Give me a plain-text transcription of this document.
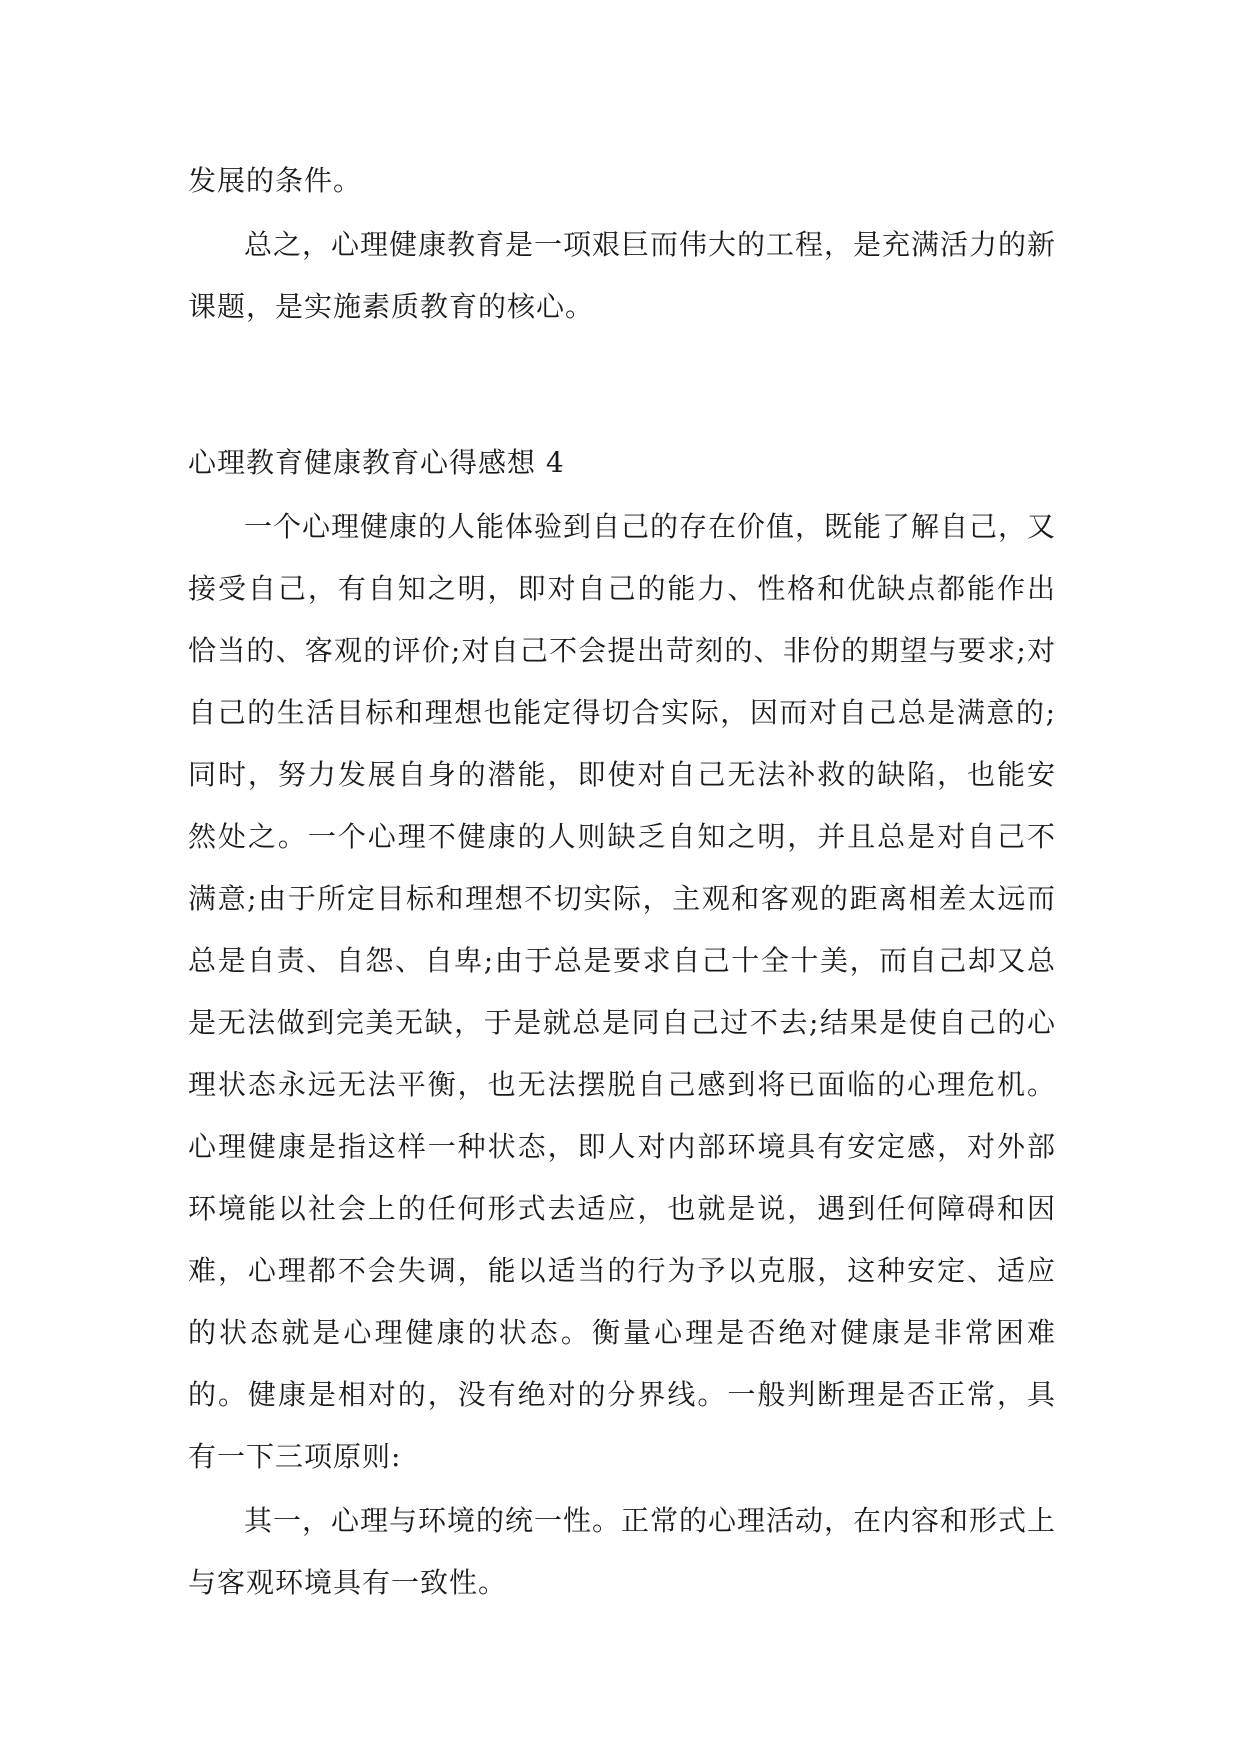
发展的条件。

总之，心理健康教育是一项艰巨而伟大的工程，是充满活力的新课题，是实施素质教育的核心。

心理教育健康教育心得感想 4

一个心理健康的人能体验到自己的存在价值，既能了解自己，又接受自己，有自知之明，即对自己的能力、性格和优缺点都能作出恰当的、客观的评价;对自己不会提出苛刻的、非份的期望与要求;对自己的生活目标和理想也能定得切合实际，因而对自己总是满意的;同时，努力发展自身的潜能，即使对自己无法补救的缺陷，也能安然处之。一个心理不健康的人则缺乏自知之明，并且总是对自己不满意;由于所定目标和理想不切实际，主观和客观的距离相差太远而总是自责、自怨、自卑;由于总是要求自己十全十美，而自己却又总是无法做到完美无缺，于是就总是同自己过不去;结果是使自己的心理状态永远无法平衡，也无法摆脱自己感到将已面临的心理危机。心理健康是指这样一种状态，即人对内部环境具有安定感，对外部环境能以社会上的任何形式去适应，也就是说，遇到任何障碍和因难，心理都不会失调，能以适当的行为予以克服，这种安定、适应的状态就是心理健康的状态。衡量心理是否绝对健康是非常困难的。健康是相对的，没有绝对的分界线。一般判断理是否正常，具有一下三项原则:

其一，心理与环境的统一性。正常的心理活动，在内容和形式上与客观环境具有一致性。
